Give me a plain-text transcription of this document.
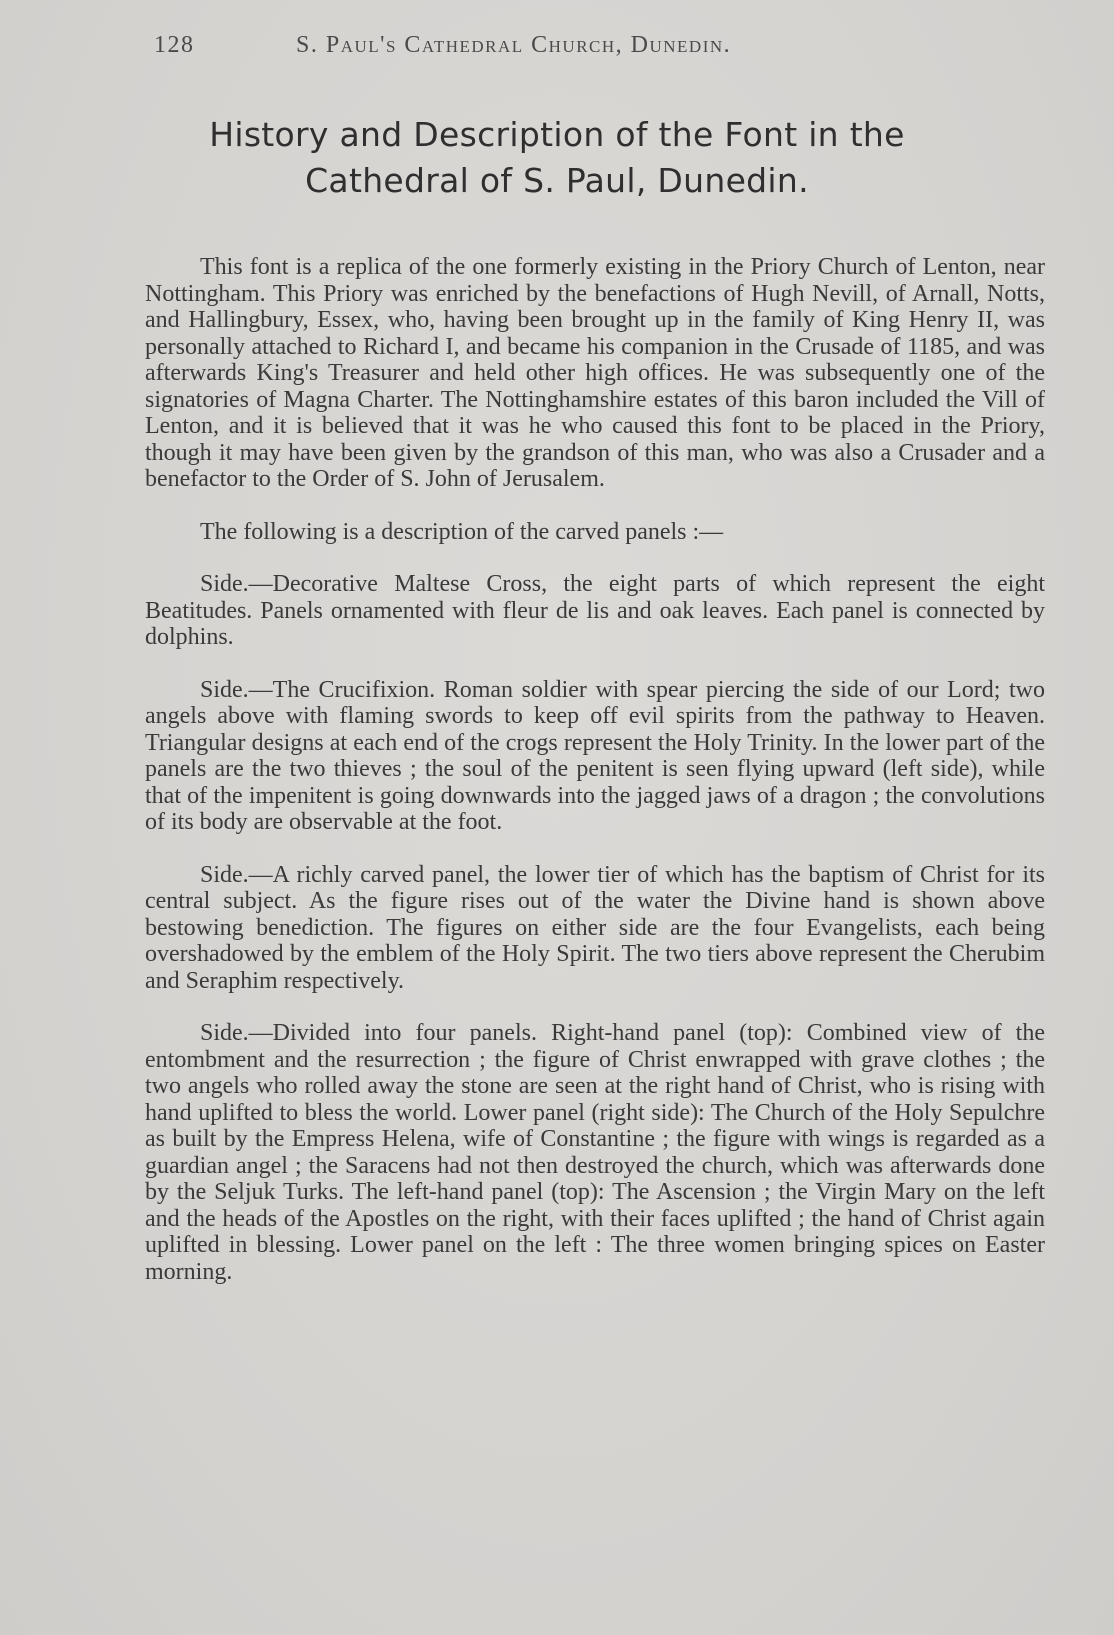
128	S. Paul's Cathedral Church, Dunedin.
History and Description of the Font in the
Cathedral of S. Paul, Dunedin.

This font is a replica of the one formerly existing in the Priory Church of Lenton, near Nottingham. This Priory was enriched by the benefactions of Hugh Nevill, of Arnall, Notts, and Hallingbury, Essex, who, having been brought up in the family of King Henry II, was personally attached to Richard I, and became his companion in the Crusade of 1185, and was afterwards King's Treasurer and held other high offices. He was subsequently one of the signatories of Magna Charter. The Nottinghamshire estates of this baron included the Vill of Lenton, and it is believed that it was he who caused this font to be placed in the Priory, though it may have been given by the grandson of this man, who was also a Crusader and a benefactor to the Order of S. John of Jerusalem.

The following is a description of the carved panels :—

Side.—Decorative Maltese Cross, the eight parts of which represent the eight Beatitudes. Panels ornamented with fleur de lis and oak leaves. Each panel is connected by dolphins.

Side.—The Crucifixion. Roman soldier with spear piercing the side of our Lord; two angels above with flaming swords to keep off evil spirits from the pathway to Heaven. Triangular designs at each end of the crogs represent the Holy Trinity. In the lower part of the panels are the two thieves ; the soul of the penitent is seen flying upward (left side), while that of the impenitent is going downwards into the jagged jaws of a dragon ; the convolutions of its body are observable at the foot.

Side.—A richly carved panel, the lower tier of which has the baptism of Christ for its central subject. As the figure rises out of the water the Divine hand is shown above bestowing benediction. The figures on either side are the four Evangelists, each being overshadowed by the emblem of the Holy Spirit. The two tiers above represent the Cherubim and Seraphim respectively.

Side.—Divided into four panels. Right-hand panel (top): Combined view of the entombment and the resurrection ; the figure of Christ enwrapped with grave clothes ; the two angels who rolled away the stone are seen at the right hand of Christ, who is rising with hand uplifted to bless the world. Lower panel (right side): The Church of the Holy Sepulchre as built by the Empress Helena, wife of Constantine ; the figure with wings is regarded as a guardian angel ; the Saracens had not then destroyed the church, which was afterwards done by the Seljuk Turks. The left-hand panel (top): The Ascension ; the Virgin Mary on the left and the heads of the Apostles on the right, with their faces uplifted ; the hand of Christ again uplifted in blessing. Lower panel on the left : The three women bringing spices on Easter morning.
